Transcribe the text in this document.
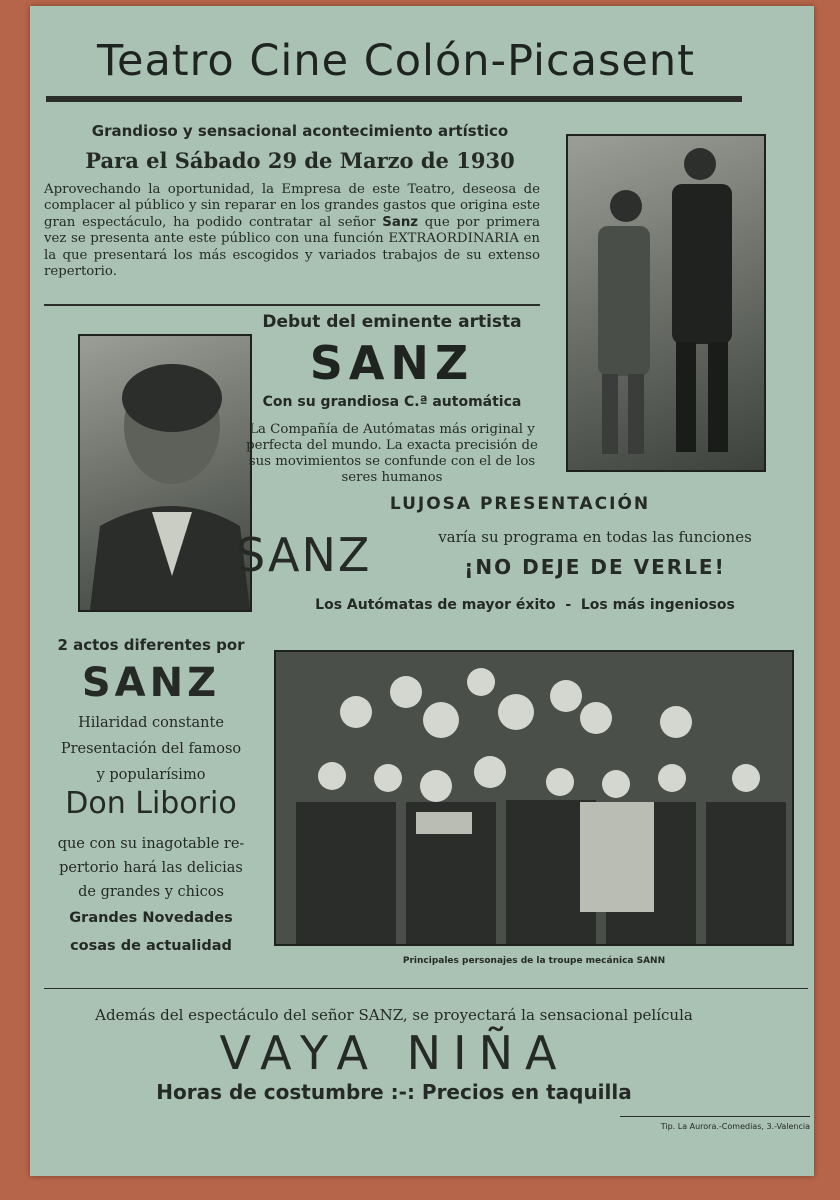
Teatro Cine Colón-Picasent
Grandioso y sensacional acontecimiento artístico
Para el Sábado 29 de Marzo de 1930
Aprovechando la oportunidad, la Empresa de este Teatro, deseosa de complacer al público y sin reparar en los grandes gastos que origina este gran espectáculo, ha podido contratar al señor Sanz que por primera vez se presenta ante este público con una función EXTRAORDINARIA en la que presentará los más escogidos y variados trabajos de su extenso repertorio.
Debut del eminente artista
SANZ
Con su grandiosa C.ª automática
La Compañía de Autómatas más original y perfecta del mundo. La exacta precisión de sus movimientos se confunde con el de los seres humanos
LUJOSA PRESENTACIÓN
SANZ	varía su programa en todas las funciones
¡NO DEJE DE VERLE!
Los Autómatas de mayor éxito  -  Los más ingeniosos
2 actos diferentes por
SANZ
Hilaridad constante
Presentación del famoso
y popularísimo
Don Liborio
que con su inagotable re-
pertorio hará las delicias
de grandes y chicos
Grandes Novedades
cosas de actualidad
Principales personajes de la troupe mecánica SANN
Además del espectáculo del señor SANZ, se proyectará la sensacional película
VAYA NIÑA
Horas de costumbre :-: Precios en taquilla
Tip. La Aurora.-Comedias, 3.-Valencia
